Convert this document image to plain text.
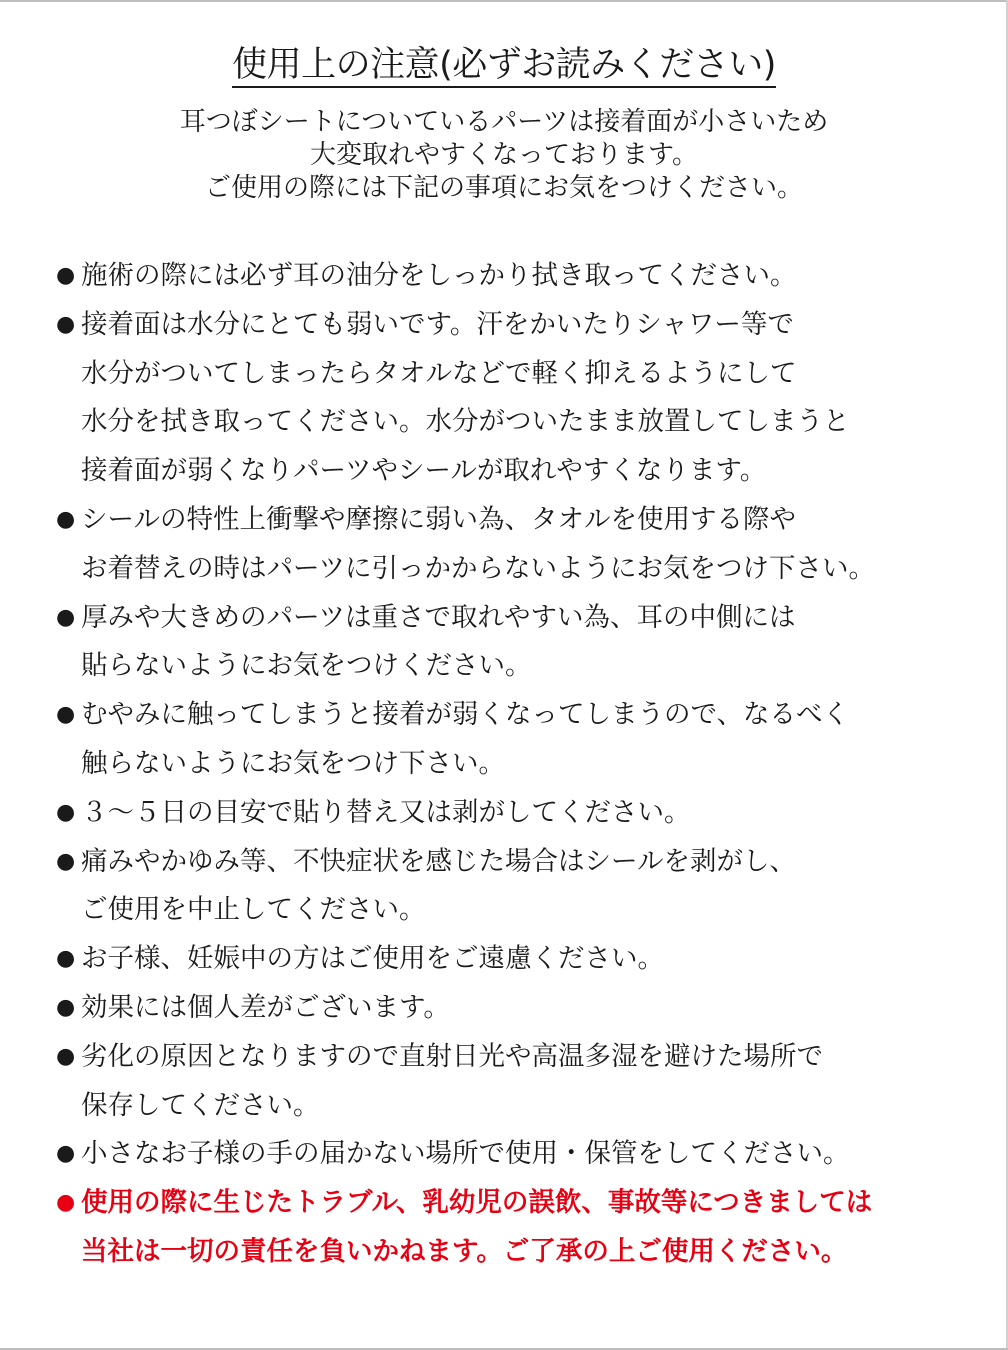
使用上の注意(必ずお読みください)
耳つぼシートについているパーツは接着面が小さいため
大変取れやすくなっております。
ご使用の際には下記の事項にお気をつけください。
● 施術の際には必ず耳の油分をしっかり拭き取ってください。
● 接着面は水分にとても弱いです。汗をかいたりシャワー等で
水分がついてしまったらタオルなどで軽く抑えるようにして
水分を拭き取ってください。水分がついたまま放置してしまうと
接着面が弱くなりパーツやシールが取れやすくなります。
● シールの特性上衝撃や摩擦に弱い為、タオルを使用する際や
お着替えの時はパーツに引っかからないようにお気をつけ下さい。
● 厚みや大きめのパーツは重さで取れやすい為、耳の中側には
貼らないようにお気をつけください。
● むやみに触ってしまうと接着が弱くなってしまうので、なるべく
触らないようにお気をつけ下さい。
● ３～５日の目安で貼り替え又は剥がしてください。
● 痛みやかゆみ等、不快症状を感じた場合はシールを剥がし、
ご使用を中止してください。
● お子様、妊娠中の方はご使用をご遠慮ください。
● 効果には個人差がございます。
● 劣化の原因となりますので直射日光や高温多湿を避けた場所で
保存してください。
● 小さなお子様の手の届かない場所で使用・保管をしてください。
● 使用の際に生じたトラブル、乳幼児の誤飲、事故等につきましては
当社は一切の責任を負いかねます。ご了承の上ご使用ください。
